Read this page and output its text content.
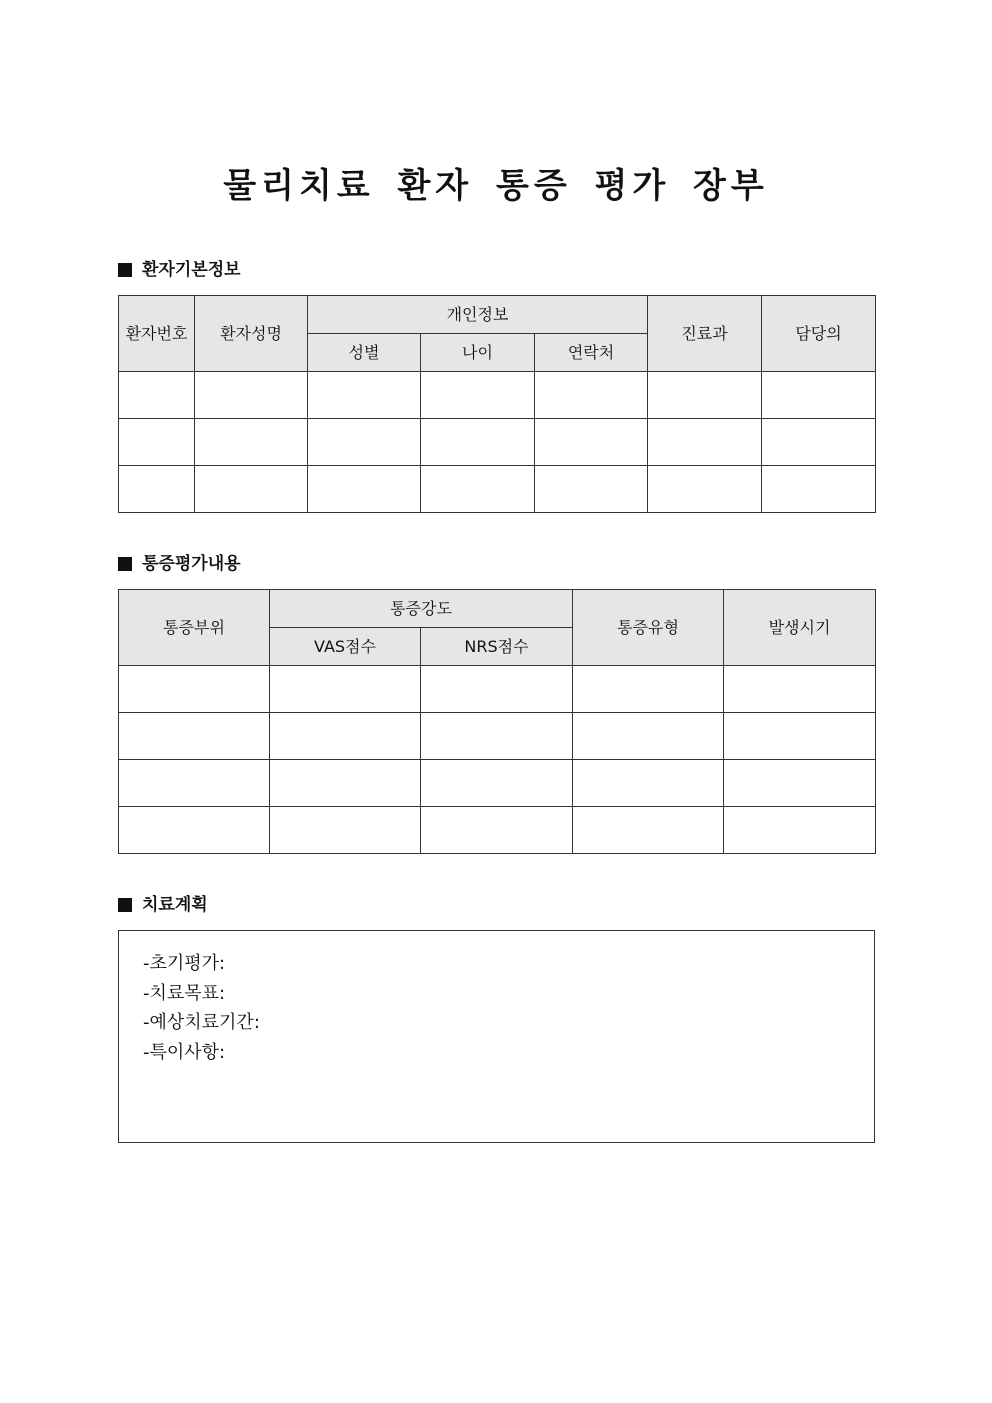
물리치료 환자 통증 평가 장부
환자기본정보
환자번호	환자성명	개인정보			진료과	담당의
		성별	나이	연락처		

통증평가내용
통증부위	통증강도		통증유형	발생시기
	VAS점수	NRS점수		

치료계획
-초기평가:
-치료목표:
-예상치료기간:
-특이사항:
